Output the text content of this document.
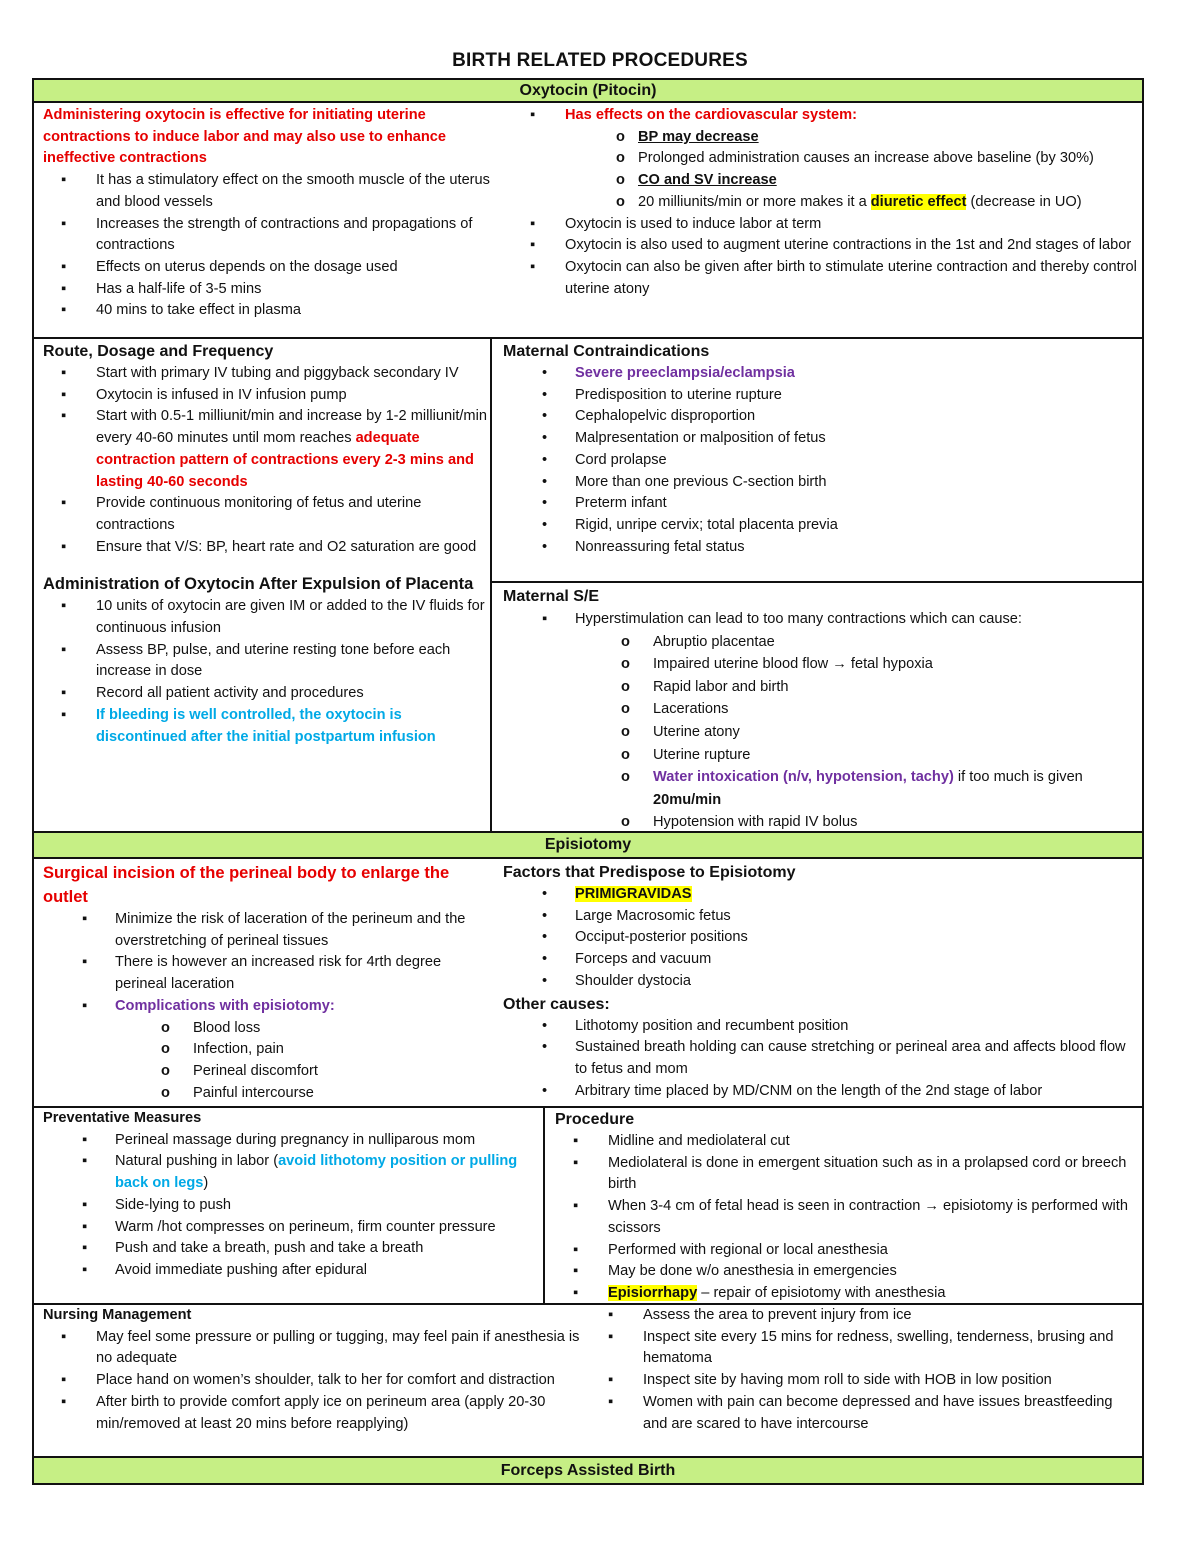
BIRTH RELATED PROCEDURES
Oxytocin (Pitocin)
Administering oxytocin is effective for initiating uterine contractions to induce labor and may also use to enhance ineffective contractions
▪ It has a stimulatory effect on the smooth muscle of the uterus and blood vessels
▪ Increases the strength of contractions and propagations of contractions
▪ Effects on uterus depends on the dosage used
▪ Has a half-life of 3-5 mins
▪ 40 mins to take effect in plasma
▪ Has effects on the cardiovascular system:
o BP may decrease
o Prolonged administration causes an increase above baseline (by 30%)
o CO and SV increase
o 20 milliunits/min or more makes it a diuretic effect (decrease in UO)
▪ Oxytocin is used to induce labor at term
▪ Oxytocin is also used to augment uterine contractions in the 1st and 2nd stages of labor
▪ Oxytocin can also be given after birth to stimulate uterine contraction and thereby control uterine atony
Route, Dosage and Frequency
▪ Start with primary IV tubing and piggyback secondary IV
▪ Oxytocin is infused in IV infusion pump
▪ Start with 0.5-1 milliunit/min and increase by 1-2 milliunit/min every 40-60 minutes until mom reaches adequate contraction pattern of contractions every 2-3 mins and lasting 40-60 seconds
▪ Provide continuous monitoring of fetus and uterine contractions
▪ Ensure that V/S: BP, heart rate and O2 saturation are good
Administration of Oxytocin After Expulsion of Placenta
▪ 10 units of oxytocin are given IM or added to the IV fluids for continuous infusion
▪ Assess BP, pulse, and uterine resting tone before each increase in dose
▪ Record all patient activity and procedures
▪ If bleeding is well controlled, the oxytocin is discontinued after the initial postpartum infusion
Maternal Contraindications
• Severe preeclampsia/eclampsia
• Predisposition to uterine rupture
• Cephalopelvic disproportion
• Malpresentation or malposition of fetus
• Cord prolapse
• More than one previous C-section birth
• Preterm infant
• Rigid, unripe cervix; total placenta previa
• Nonreassuring fetal status
Maternal S/E
▪ Hyperstimulation can lead to too many contractions which can cause:
o Abruptio placentae
o Impaired uterine blood flow → fetal hypoxia
o Rapid labor and birth
o Lacerations
o Uterine atony
o Uterine rupture
o Water intoxication (n/v, hypotension, tachy) if too much is given 20mu/min
o Hypotension with rapid IV bolus
Episiotomy
Surgical incision of the perineal body to enlarge the outlet
▪ Minimize the risk of laceration of the perineum and the overstretching of perineal tissues
▪ There is however an increased risk for 4rth degree perineal laceration
▪ Complications with episiotomy:
o Blood loss
o Infection, pain
o Perineal discomfort
o Painful intercourse
Factors that Predispose to Episiotomy
• PRIMIGRAVIDAS
• Large Macrosomic fetus
• Occiput-posterior positions
• Forceps and vacuum
• Shoulder dystocia
Other causes:
• Lithotomy position and recumbent position
• Sustained breath holding can cause stretching or perineal area and affects blood flow to fetus and mom
• Arbitrary time placed by MD/CNM on the length of the 2nd stage of labor
Preventative Measures
▪ Perineal massage during pregnancy in nulliparous mom
▪ Natural pushing in labor (avoid lithotomy position or pulling back on legs)
▪ Side-lying to push
▪ Warm /hot compresses on perineum, firm counter pressure
▪ Push and take a breath, push and take a breath
▪ Avoid immediate pushing after epidural
Procedure
▪ Midline and mediolateral cut
▪ Mediolateral is done in emergent situation such as in a prolapsed cord or breech birth
▪ When 3-4 cm of fetal head is seen in contraction → episiotomy is performed with scissors
▪ Performed with regional or local anesthesia
▪ May be done w/o anesthesia in emergencies
▪ Episiorrhapy – repair of episiotomy with anesthesia
Nursing Management
▪ May feel some pressure or pulling or tugging, may feel pain if anesthesia is no adequate
▪ Place hand on women’s shoulder, talk to her for comfort and distraction
▪ After birth to provide comfort apply ice on perineum area (apply 20-30 min/removed at least 20 mins before reapplying)
▪ Assess the area to prevent injury from ice
▪ Inspect site every 15 mins for redness, swelling, tenderness, brusing and hematoma
▪ Inspect site by having mom roll to side with HOB in low position
▪ Women with pain can become depressed and have issues breastfeeding and are scared to have intercourse
Forceps Assisted Birth
